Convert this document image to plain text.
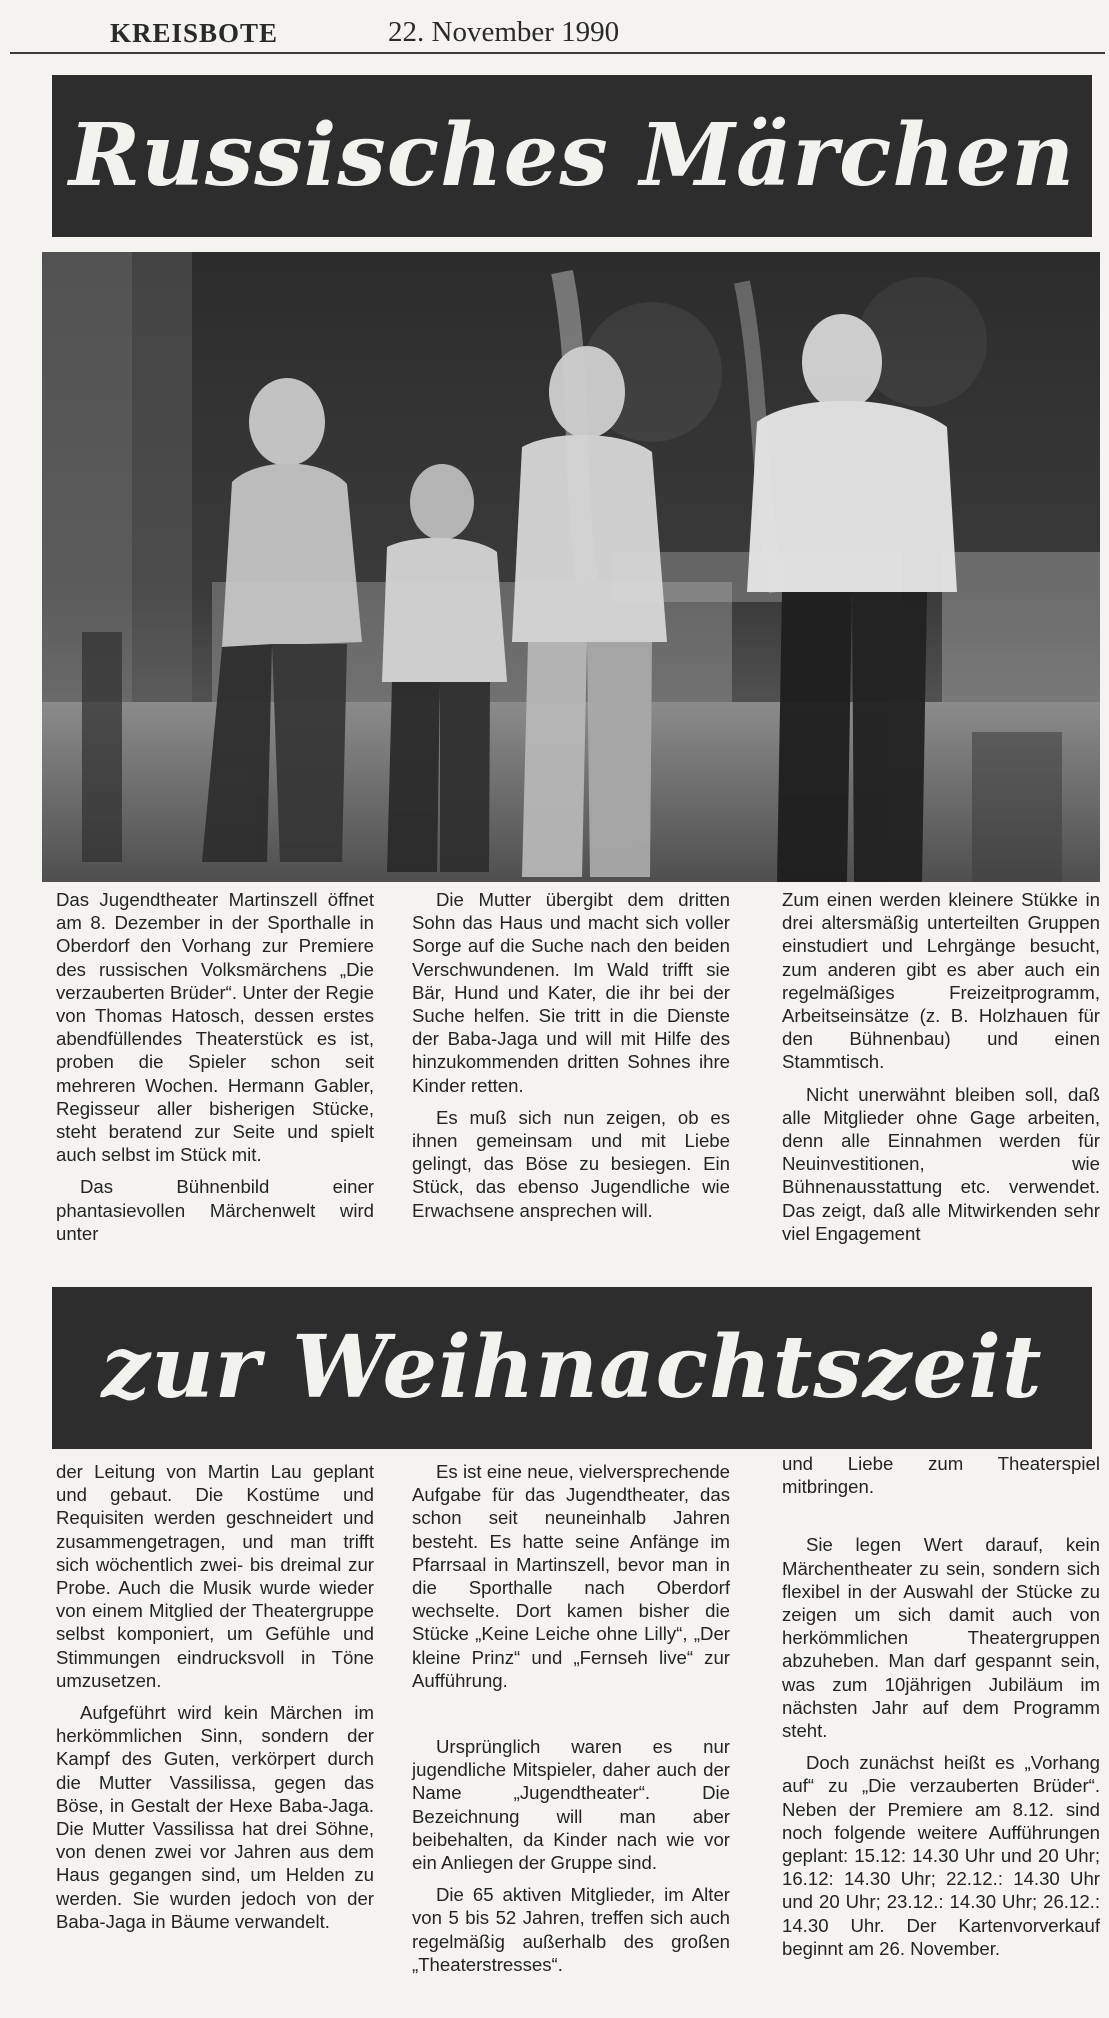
KREISBOTE	22. November 1990
Russisches Märchen

Das Jugendtheater Martinszell öffnet am 8. Dezember in der Sporthalle in Oberdorf den Vorhang zur Premiere des russischen Volksmärchens „Die verzauberten Brüder“. Unter der Regie von Thomas Hatosch, dessen erstes abendfüllendes Theaterstück es ist, proben die Spieler schon seit mehreren Wochen. Hermann Gabler, Regisseur aller bisherigen Stücke, steht beratend zur Seite und spielt auch selbst im Stück mit.

Das Bühnenbild einer phantasievollen Märchenwelt wird unter

Die Mutter übergibt dem dritten Sohn das Haus und macht sich voller Sorge auf die Suche nach den beiden Verschwundenen. Im Wald trifft sie Bär, Hund und Kater, die ihr bei der Suche helfen. Sie tritt in die Dienste der Baba-Jaga und will mit Hilfe des hinzukommenden dritten Sohnes ihre Kinder retten.

Es muß sich nun zeigen, ob es ihnen gemeinsam und mit Liebe gelingt, das Böse zu besiegen. Ein Stück, das ebenso Jugendliche wie Erwachsene ansprechen will.

Zum einen werden kleinere Stükke in drei altersmäßig unterteilten Gruppen einstudiert und Lehrgänge besucht, zum anderen gibt es aber auch ein regelmäßiges Freizeitprogramm, Arbeitseinsätze (z. B. Holzhauen für den Bühnenbau) und einen Stammtisch.

Nicht unerwähnt bleiben soll, daß alle Mitglieder ohne Gage arbeiten, denn alle Einnahmen werden für Neuinvestitionen, wie Bühnenausstattung etc. verwendet. Das zeigt, daß alle Mitwirkenden sehr viel Engagement

zur Weihnachtszeit

der Leitung von Martin Lau geplant und gebaut. Die Kostüme und Requisiten werden geschneidert und zusammengetragen, und man trifft sich wöchentlich zwei- bis dreimal zur Probe. Auch die Musik wurde wieder von einem Mitglied der Theatergruppe selbst komponiert, um Gefühle und Stimmungen eindrucksvoll in Töne umzusetzen.

Aufgeführt wird kein Märchen im herkömmlichen Sinn, sondern der Kampf des Guten, verkörpert durch die Mutter Vassilissa, gegen das Böse, in Gestalt der Hexe Baba-Jaga. Die Mutter Vassilissa hat drei Söhne, von denen zwei vor Jahren aus dem Haus gegangen sind, um Helden zu werden. Sie wurden jedoch von der Baba-Jaga in Bäume verwandelt.

Es ist eine neue, vielversprechende Aufgabe für das Jugendtheater, das schon seit neuneinhalb Jahren besteht. Es hatte seine Anfänge im Pfarrsaal in Martinszell, bevor man in die Sporthalle nach Oberdorf wechselte. Dort kamen bisher die Stücke „Keine Leiche ohne Lilly“, „Der kleine Prinz“ und „Fernseh live“ zur Aufführung.

Ursprünglich waren es nur jugendliche Mitspieler, daher auch der Name „Jugendtheater“. Die Bezeichnung will man aber beibehalten, da Kinder nach wie vor ein Anliegen der Gruppe sind.

Die 65 aktiven Mitglieder, im Alter von 5 bis 52 Jahren, treffen sich auch regelmäßig außerhalb des großen „Theaterstresses“.

und Liebe zum Theaterspiel mitbringen.

Sie legen Wert darauf, kein Märchentheater zu sein, sondern sich flexibel in der Auswahl der Stücke zu zeigen um sich damit auch von herkömmlichen Theatergruppen abzuheben. Man darf gespannt sein, was zum 10jährigen Jubiläum im nächsten Jahr auf dem Programm steht.

Doch zunächst heißt es „Vorhang auf“ zu „Die verzauberten Brüder“. Neben der Premiere am 8.12. sind noch folgende weitere Aufführungen geplant: 15.12: 14.30 Uhr und 20 Uhr; 16.12: 14.30 Uhr; 22.12.: 14.30 Uhr und 20 Uhr; 23.12.: 14.30 Uhr; 26.12.: 14.30 Uhr. Der Kartenvorverkauf beginnt am 26. November.
